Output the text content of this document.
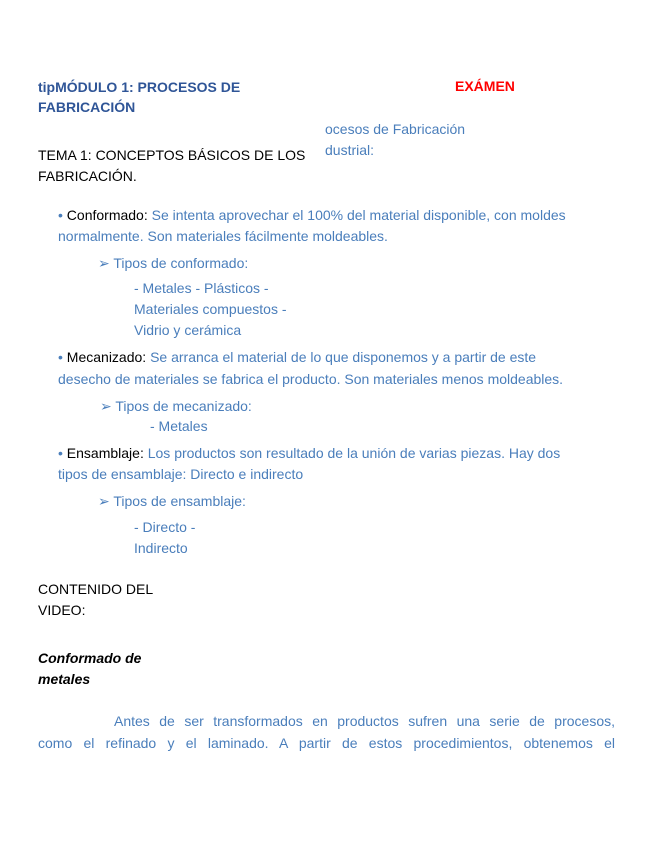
tipMÓDULO 1: PROCESOS DE

FABRICACIÓN

EXÁMEN

ocesos de Fabricación

dustrial:

TEMA 1: CONCEPTOS BÁSICOS DE LOS

FABRICACIÓN.

• Conformado: Se intenta aprovechar el 100% del material disponible, con moldes

normalmente. Son materiales fácilmente moldeables.

➢ Tipos de conformado:

- Metales - Plásticos -

Materiales compuestos -

Vidrio y cerámica

• Mecanizado: Se arranca el material de lo que disponemos y a partir de este

desecho de materiales se fabrica el producto. Son materiales menos moldeables.

➢ Tipos de mecanizado:

- Metales

• Ensamblaje: Los productos son resultado de la unión de varias piezas. Hay dos

tipos de ensamblaje: Directo e indirecto

➢ Tipos de ensamblaje:

- Directo -

Indirecto

CONTENIDO DEL

VIDEO:

Conformado de

metales

Antes de ser transformados en productos sufren una serie de procesos,

como el refinado y el laminado. A partir de estos procedimientos, obtenemos el
